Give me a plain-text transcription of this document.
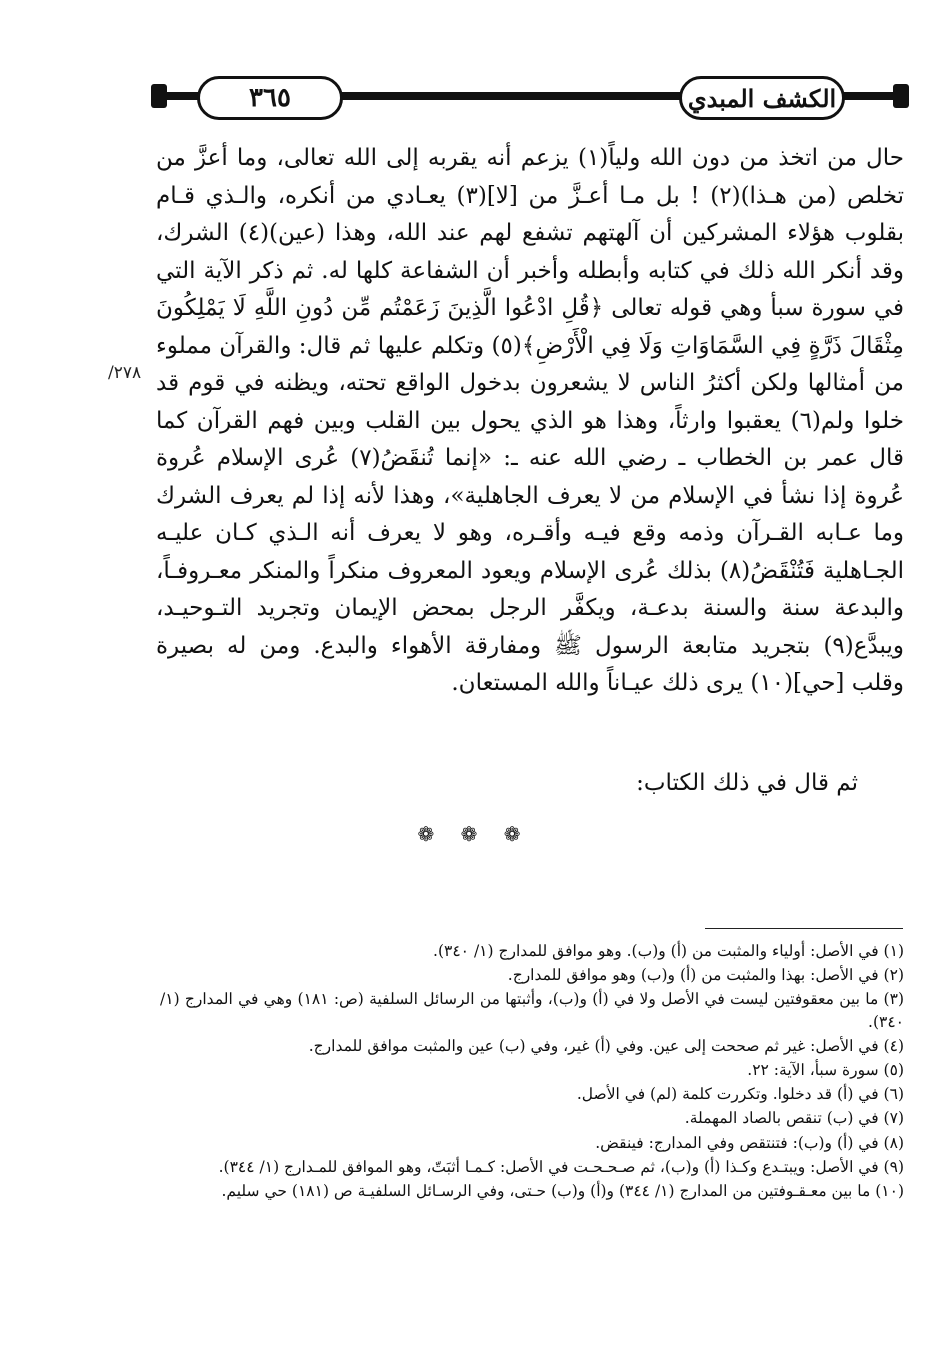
٣٦٥	الكشف المبدي
٢٧٨/

حال من اتخذ من دون الله ولياً(١) يزعم أنه يقربه إلى الله تعالى، وما أعزَّ من تخلص (من هـذا)(٢) ! بل مـا أعـزَّ من [لا](٣) يعـادي من أنكره، والـذي قـام بقلوب هؤلاء المشركين أن آلهتهم تشفع لهم عند الله، وهذا (عين)(٤) الشرك، وقد أنكر الله ذلك في كتابه وأبطله وأخبر أن الشفاعة كلها له. ثم ذكر الآية التي في سورة سبأ وهي قوله تعالى ﴿قُلِ ادْعُوا الَّذِينَ زَعَمْتُم مِّن دُونِ اللَّهِ لَا يَمْلِكُونَ مِثْقَالَ ذَرَّةٍ فِي السَّمَاوَاتِ وَلَا فِي الْأَرْضِ﴾(٥) وتكلم عليها ثم قال: والقرآن مملوء من أمثالها ولكن أكثرُ الناس لا يشعرون بدخول الواقع تحته، ويظنه في قوم قد خلوا ولم(٦) يعقبوا وارثاً، وهذا هو الذي يحول بين القلب وبين فهم القرآن كما قال عمر بن الخطاب ـ رضي الله عنه ـ: «إنما تُنقَضُ(٧) عُرى الإسلام عُروة عُروة إذا نشأ في الإسلام من لا يعرف الجاهلية»، وهذا لأنه إذا لم يعرف الشرك وما عـابه القـرآن وذمه وقع فيـه وأقـره، وهو لا يعرف أنه الـذي كـان عليـه الجـاهلية فَتُنْقَضُ(٨) بذلك عُرى الإسلام ويعود المعروف منكراً والمنكر معـروفـاً، والبدعة سنة والسنة بدعـة، ويكفَّر الرجل بمحض الإيمان وتجريد التـوحيـد، ويبدَّع(٩) بتجريد متابعة الرسول ﷺ ومفارقة الأهواء والبدع. ومن له بصيرة وقلب [حي](١٠) يرى ذلك عيـاناً والله المستعان.

ثم قال في ذلك الكتاب:
❁ ❁ ❁

(١) في الأصل: أولياء والمثبت من (أ) و(ب). وهو موافق للمدارج (١/ ٣٤٠).

(٢) في الأصل: بهذا والمثبت من (أ) و(ب) وهو موافق للمدارج.

(٣) ما بين معقوفتين ليست في الأصل ولا في (أ) و(ب)، وأثبتها من الرسائل السلفية (ص: ١٨١) وهي في المدارج (١/ ٣٤٠).

(٤) في الأصل: غير ثم صححت إلى عين. وفي (أ) غير، وفي (ب) عين والمثبت موافق للمدارج.

(٥) سورة سبأ، الآية: ٢٢.

(٦) في (أ) قد دخلوا. وتكررت كلمة (لم) في الأصل.

(٧) في (ب) تنقص بالصاد المهملة.

(٨) في (أ) و(ب): فتنتقص وفي المدارج: فينقض.

(٩) في الأصل: ويبتـدع وكـذا (أ) و(ب)، ثم صـحـحـت في الأصل: كـمـا أثبَتّ، وهو الموافق للمـدارج (١/ ٣٤٤).

(١٠) ما بين معـقـوفتين من المدارج (١/ ٣٤٤) و(أ) و(ب) حـتى، وفي الرسـائل السلفيـة ص (١٨١) حي سليم.
